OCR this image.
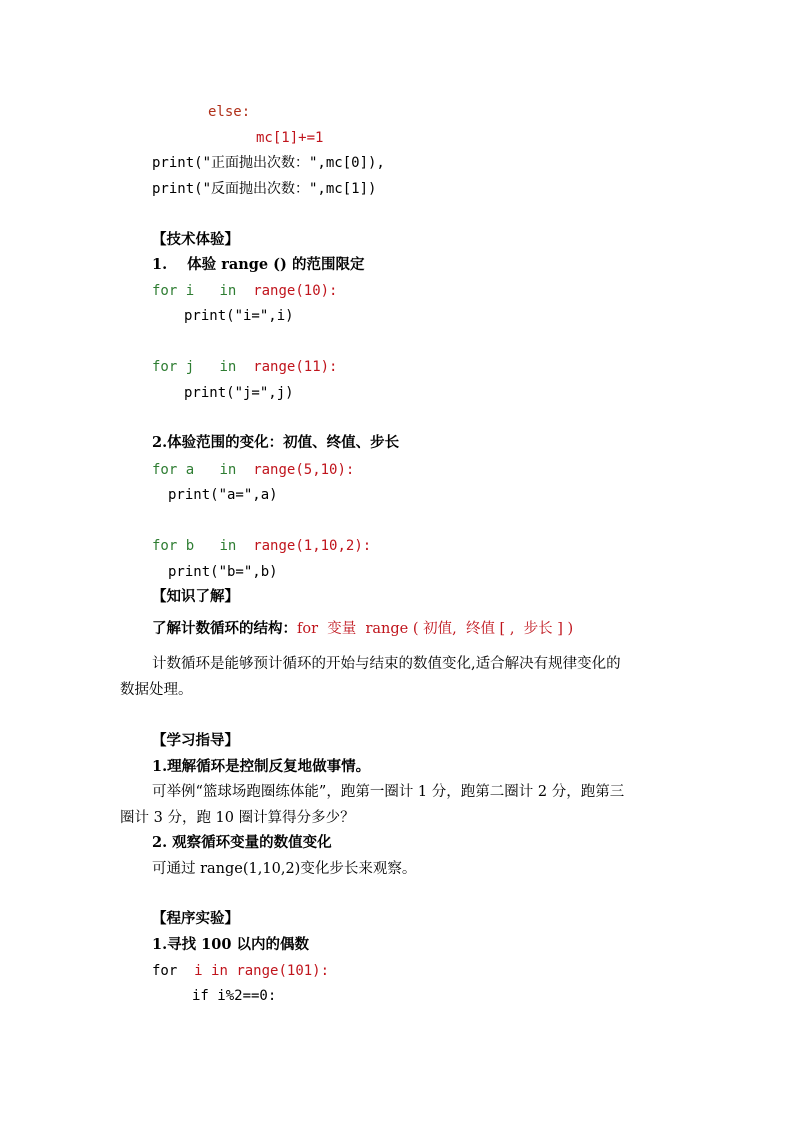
else:
mc[1]+=1
print("正面抛出次数：",mc[0]),
print("反面抛出次数：",mc[1])
【技术体验】
1. 体验 range () 的范围限定
for i in range(10):
print("i=",i)
for j in range(11):
print("j=",j)
2.体验范围的变化：初值、终值、步长
for a in range(5,10):
print("a=",a)
for b in range(1,10,2):
print("b=",b)
【知识了解】
了解计数循环的结构：for 变量 range ( 初值, 终值 [ , 步长 ] )
计数循环是能够预计循环的开始与结束的数值变化,适合解决有规律变化的
数据处理。
【学习指导】
1.理解循环是控制反复地做事情。
可举例“篮球场跑圈练体能”，跑第一圈计 1 分，跑第二圈计 2 分，跑第三
圈计 3 分，跑 10 圈计算得分多少？
2. 观察循环变量的数值变化
可通过 range(1,10,2)变化步长来观察。
【程序实验】
1.寻找 100 以内的偶数
for i in range(101):
if i%2==0:
